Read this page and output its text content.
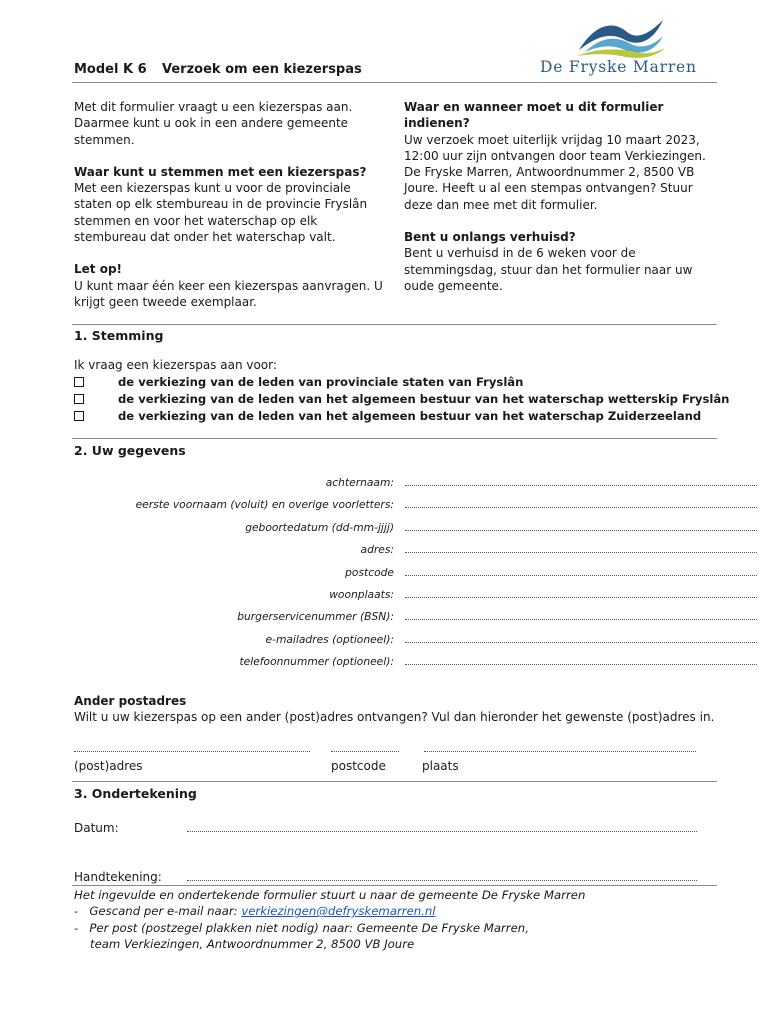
De Fryske Marren
Model K 6 Verzoek om een kiezerspas

Met dit formulier vraagt u een kiezerspas aan. Daarmee kunt u ook in een andere gemeente stemmen.

Waar kunt u stemmen met een kiezerspas?

Met een kiezerspas kunt u voor de provinciale staten op elk stembureau in de provincie Fryslân stemmen en voor het waterschap op elk stembureau dat onder het waterschap valt.

Let op!

U kunt maar één keer een kiezerspas aanvragen. U krijgt geen tweede exemplaar.

Waar en wanneer moet u dit formulier indienen?

Uw verzoek moet uiterlijk vrijdag 10 maart 2023, 12:00 uur zijn ontvangen door team Verkiezingen. De Fryske Marren, Antwoordnummer 2, 8500 VB Joure. Heeft u al een stempas ontvangen? Stuur deze dan mee met dit formulier.

Bent u onlangs verhuisd?

Bent u verhuisd in de 6 weken voor de stemmingsdag, stuur dan het formulier naar uw oude gemeente.

1. Stemming
Ik vraag een kiezerspas aan voor:
de verkiezing van de leden van provinciale staten van Fryslân
de verkiezing van de leden van het algemeen bestuur van het waterschap wetterskip Fryslân
de verkiezing van de leden van het algemeen bestuur van het waterschap Zuiderzeeland
2. Uw gegevens
achternaam:
eerste voornaam (voluit) en overige voorletters:
geboortedatum (dd-mm-jjjj)
adres:
postcode
woonplaats:
burgerservicenummer (BSN):
e-mailadres (optioneel):
telefoonnummer (optioneel):
Ander postadres
Wilt u uw kiezerspas op een ander (post)adres ontvangen? Vul dan hieronder het gewenste (post)adres in.
(post)adres	postcode	plaats
3. Ondertekening
Datum:
Handtekening:
Het ingevulde en ondertekende formulier stuurt u naar de gemeente De Fryske Marren
-   Gescand per e-mail naar: verkiezingen@defryskemarren.nl
-   Per post (postzegel plakken niet nodig) naar: Gemeente De Fryske Marren,
team Verkiezingen, Antwoordnummer 2, 8500 VB Joure
